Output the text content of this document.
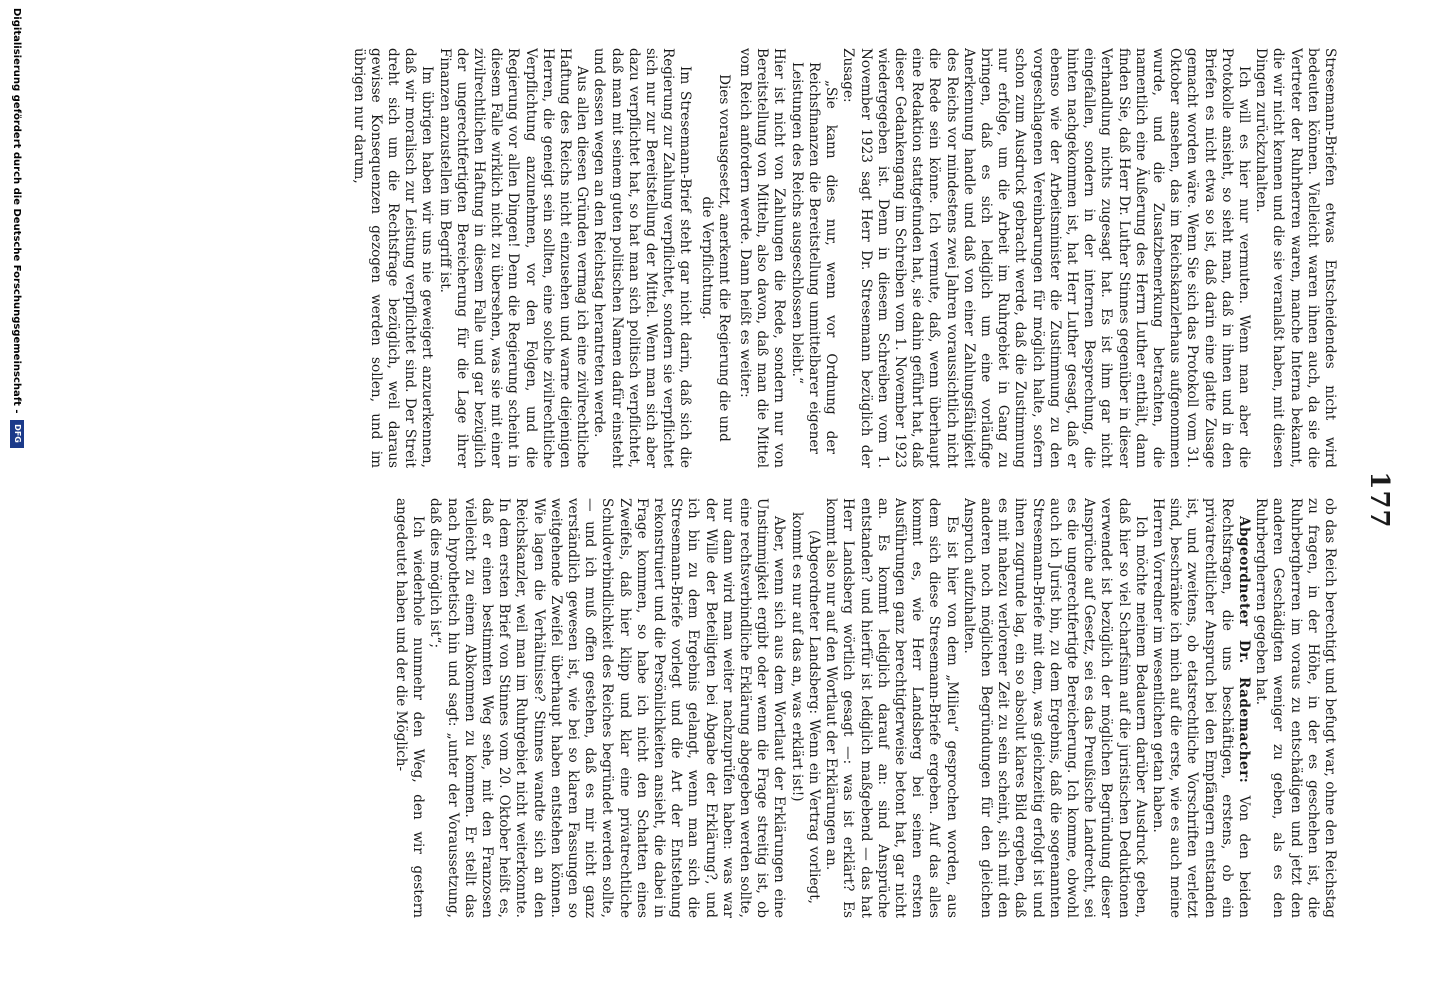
177

Stresemann-Briefen etwas Entscheidendes nicht wird bedeuten können. Vielleicht waren ihnen auch, da sie die Vertreter der Ruhrherren waren, manche Interna bekannt, die wir nicht kennen und die sie veranlaßt haben, mit diesen Dingen zurückzuhalten.

Ich will es hier nur vermuten. Wenn man aber die Protokolle ansieht, so sieht man, daß in ihnen und in den Briefen es nicht etwa so ist, daß darin eine glatte Zusage gemacht worden wäre. Wenn Sie sich das Protokoll vom 31. Oktober ansehen, das im Reichskanzlerhaus aufgenommen wurde, und die Zusatzbemerkung betrachten, die namentlich eine Äußerung des Herrn Luther enthält, dann finden Sie, daß Herr Dr. Luther Stinnes gegenüber in dieser Verhandlung nichts zugesagt hat. Es ist ihm gar nicht eingefallen, sondern in der internen Besprechung, die hinten nachgekommen ist, hat Herr Luther gesagt, daß er ebenso wie der Arbeitsminister die Zustimmung zu den vorgeschlagenen Vereinbarungen für möglich halte, sofern schon zum Ausdruck gebracht werde, daß die Zustimmung nur erfolge, um die Arbeit im Ruhrgebiet in Gang zu bringen, daß es sich lediglich um eine vorläufige Anerkennung handle und daß von einer Zahlungsfähigkeit des Reichs vor mindestens zwei Jahren voraussichtlich nicht die Rede sein könne. Ich vermute, daß, wenn überhaupt eine Redaktion stattgefunden hat, sie dahin geführt hat, daß dieser Gedankengang im Schreiben vom 1. November 1923 wiedergegeben ist. Denn in diesem Schreiben vom 1. November 1923 sagt Herr Dr. Stresemann bezüglich der Zusage:

„Sie kann dies nur, wenn vor Ordnung der Reichsfinanzen die Bereitstellung unmittelbarer eigener Leistungen des Reichs ausgeschlossen bleibt.“

Hier ist nicht von Zahlungen die Rede, sondern nur von Bereitstellung von Mitteln, also davon, daß man die Mittel vom Reich anfordern werde. Dann heißt es weiter:

Dies vorausgesetzt, anerkennt die Regierung die und die Verpflichtung.

Im Stresemann-Brief steht gar nicht darin, daß sich die Regierung zur Zahlung verpflichtet, sondern sie verpflichtet sich nur zur Bereitstellung der Mittel. Wenn man sich aber dazu verpflichtet hat, so hat man sich politisch verpflichtet, daß man mit seinem guten politischen Namen dafür einsteht und dessen wegen an den Reichstag herantreten werde.

Aus allen diesen Gründen vermag ich eine zivilrechtliche Haftung des Reichs nicht einzusehen und warne diejenigen Herren, die geneigt sein sollten, eine solche zivilrechtliche Verpflichtung anzunehmen, vor den Folgen, und die Regierung vor allen Dingen! Denn die Regierung scheint in diesem Falle wirklich nicht zu übersehen, was sie mit einer zivilrechtlichen Haftung in diesem Falle und gar bezüglich der ungerechtfertigten Bereicherung für die Lage ihrer Finanzen anzustellen im Begriff ist.

Im übrigen haben wir uns nie geweigert anzuerkennen, daß wir moralisch zur Leistung verpflichtet sind. Der Streit dreht sich um die Rechtsfrage bezüglich, weil daraus gewisse Konsequenzen gezogen werden sollen, und im übrigen nur darum,

ob das Reich berechtigt und befugt war, ohne den Reichstag zu fragen, in der Höhe, in der es geschehen ist, die Ruhrbergherren im voraus zu entschädigen und jetzt den anderen Geschädigten weniger zu geben, als es den Ruhrbergherren gegeben hat.

Abgeordneter Dr. Rademacher: Von den beiden Rechtsfragen, die uns beschäftigen, erstens, ob ein privatrechtlicher Anspruch bei den Empfängern entstanden ist, und zweitens, ob etatsrechtliche Vorschriften verletzt sind, beschränke ich mich auf die erste, wie es auch meine Herren Vorredner im wesentlichen getan haben.

Ich möchte meinem Bedauern darüber Ausdruck geben, daß hier so viel Scharfsinn auf die juristischen Deduktionen verwendet ist bezüglich der möglichen Begründung dieser Ansprüche auf Gesetz, sei es das Preußische Landrecht, sei es die ungerechtfertigte Bereicherung. Ich komme, obwohl auch ich Jurist bin, zu dem Ergebnis, daß die sogenannten Stresemann-Briefe mit dem, was gleichzeitig erfolgt ist und ihnen zugrunde lag, ein so absolut klares Bild ergeben, daß es mit nahezu verlorener Zeit zu sein scheint, sich mit den anderen noch möglichen Begründungen für den gleichen Anspruch aufzuhalten.

Es ist hier von dem „Milieu“ gesprochen worden, aus dem sich diese Stresemann-Briefe ergeben. Auf das alles kommt es, wie Herr Landsberg bei seinen ersten Ausführungen ganz berechtigterweise betont hat, gar nicht an. Es kommt lediglich darauf an: sind Ansprüche entstanden? und hierfür ist lediglich maßgebend — das hat Herr Landsberg wörtlich gesagt —: was ist erklärt? Es kommt also nur auf den Wortlaut der Erklärungen an.

(Abgeordneter Landsberg: Wenn ein Vertrag vorliegt, kommt es nur auf das an, was erklärt ist!)

Aber, wenn sich aus dem Wortlaut der Erklärungen eine Unstimmigkeit ergibt oder wenn die Frage streitig ist, ob eine rechtsverbindliche Erklärung abgegeben werden sollte, nur dann wird man weiter nachzuprüfen haben: was war der Wille der Beteiligten bei Abgabe der Erklärung?, und ich bin zu dem Ergebnis gelangt, wenn man sich die Stresemann-Briefe vorlegt und die Art der Entstehung rekonstruiert und die Persönlichkeiten ansieht, die dabei in Frage kommen, so habe ich nicht den Schatten eines Zweifels, daß hier klipp und klar eine privatrechtliche Schuldverbindlichkeit des Reiches begründet werden sollte, — und ich muß offen gestehen, daß es mir nicht ganz verständlich gewesen ist, wie bei so klaren Fassungen so weitgehende Zweifel überhaupt haben entstehen können. Wie lagen die Verhältnisse? Stinnes wandte sich an den Reichskanzler, weil man im Ruhrgebiet nicht weiterkonnte. In dem ersten Brief von Stinnes vom 20. Oktober heißt es, daß er einen bestimmten Weg sehe, mit den Franzosen vielleicht zu einem Abkommen zu kommen. Er stellt das nach hypothetisch hin und sagt: „unter der Voraussetzung, daß dies möglich ist“;

Ich wiederhole nunmehr den Weg, den wir gestern angedeutet haben und der die Möglich-

Digitalisierung gefördert durch die Deutsche Forschungsgemeinschaft -
DFG
